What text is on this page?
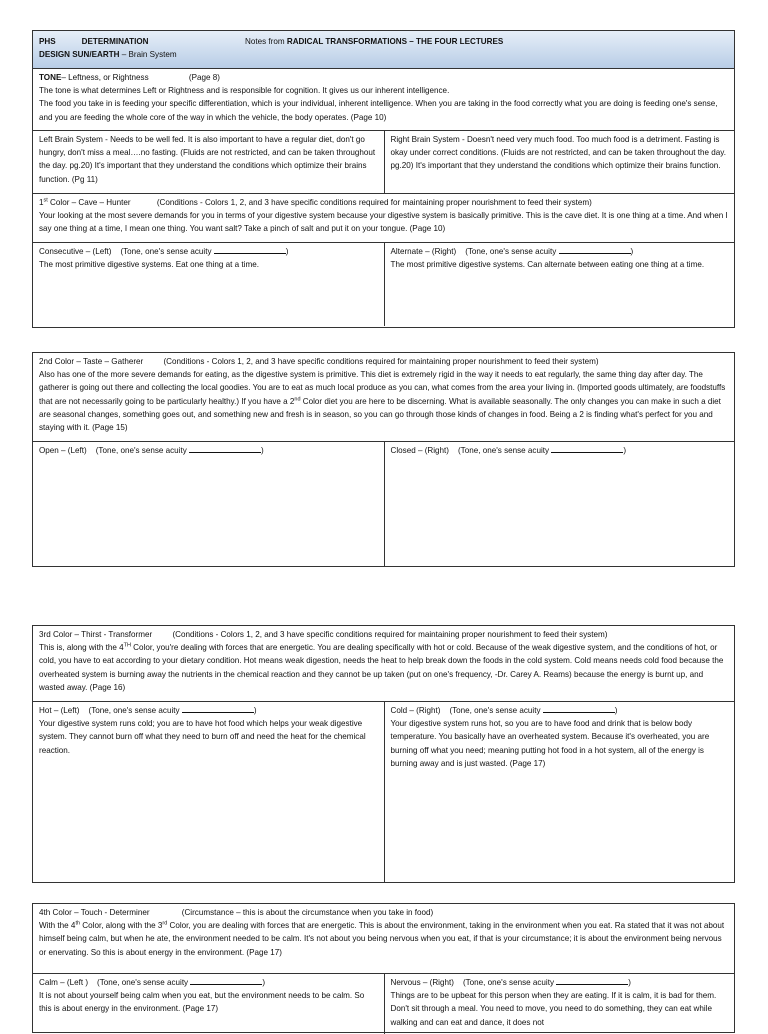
PHS	DETERMINATION
DESIGN SUN/EARTH – Brain System
Notes from RADICAL TRANSFORMATIONS – THE FOUR LECTURES

TONE– Leftness, or Rightness	(Page 8)

The tone is what determines Left or Rightness and is responsible for cognition. It gives us our inherent intelligence.

The food you take in is feeding your specific differentiation, which is your individual, inherent intelligence. When you are taking in the food correctly what you are doing is feeding one's sense, and you are feeding the whole core of the way in which the vehicle, the body operates. (Page 10)

Left Brain System - Needs to be well fed. It is also important to have a regular diet, don't go hungry, don't miss a meal….no fasting. (Fluids are not restricted, and can be taken throughout the day. pg.20) It's important that they understand the conditions which optimize their brains function. (Pg 11)
Right Brain System - Doesn't need very much food. Too much food is a detriment. Fasting is okay under correct conditions. (Fluids are not restricted, and can be taken throughout the day. pg.20) It's important that they understand the conditions which optimize their brains function.

1st Color – Cave – Hunter	(Conditions - Colors 1, 2, and 3 have specific conditions required for maintaining proper nourishment to feed their system)

Your looking at the most severe demands for you in terms of your digestive system because your digestive system is basically primitive. This is the cave diet. It is one thing at a time. And when I say one thing at a time, I mean one thing. You want salt? Take a pinch of salt and put it on your tongue. (Page 10)

Consecutive – (Left) (Tone, one's sense acuity	)

The most primitive digestive systems. Eat one thing at a time.

Alternate – (Right) (Tone, one's sense acuity	)

The most primitive digestive systems. Can alternate between eating one thing at a time.

2nd Color – Taste – Gatherer	(Conditions - Colors 1, 2, and 3 have specific conditions required for maintaining proper nourishment to feed their system)

Also has one of the more severe demands for eating, as the digestive system is primitive. This diet is extremely rigid in the way it needs to eat regularly, the same thing day after day. The gatherer is going out there and collecting the local goodies. You are to eat as much local produce as you can, what comes from the area your living in. (Imported goods ultimately, are foodstuffs that are not necessarily going to be particularly healthy.) If you have a 2nd Color diet you are here to be discerning. What is available seasonally. The only changes you can make in such a diet are seasonal changes, something goes out, and something new and fresh is in season, so you can go through those kinds of changes in food. Being a 2 is finding what's perfect for you and staying with it. (Page 15)

Open – (Left) (Tone, one's sense acuity	)	Closed – (Right) (Tone, one's sense acuity	)

3rd Color – Thirst - Transformer	(Conditions - Colors 1, 2, and 3 have specific conditions required for maintaining proper nourishment to feed their system)

This is, along with the 4TH Color, you're dealing with forces that are energetic. You are dealing specifically with hot or cold. Because of the weak digestive system, and the conditions of hot, or cold, you have to eat according to your dietary condition. Hot means weak digestion, needs the heat to help break down the foods in the cold system. Cold means needs cold food because the overheated system is burning away the nutrients in the chemical reaction and they cannot be up taken (put on one's frequency, -Dr. Carey A. Reams) because the energy is burnt up, and wasted away. (Page 16)

Hot – (Left) (Tone, one's sense acuity	)

Your digestive system runs cold; you are to have hot food which helps your weak digestive system. They cannot burn off what they need to burn off and need the heat for the chemical reaction.

Cold – (Right) (Tone, one's sense acuity	)

Your digestive system runs hot, so you are to have food and drink that is below body temperature. You basically have an overheated system. Because it's overheated, you are burning off what you need; meaning putting hot food in a hot system, all of the energy is burning away and is just wasted. (Page 17)

4th Color – Touch - Determiner	(Circumstance – this is about the circumstance when you take in food)

With the 4th Color, along with the 3rd Color, you are dealing with forces that are energetic. This is about the environment, taking in the environment when you eat. Ra stated that it was not about himself being calm, but when he ate, the environment needed to be calm. It's not about you being nervous when you eat, if that is your circumstance; it is about the environment being nervous or enervating. So this is about energy in the environment. (Page 17)

Calm – (Left ) (Tone, one's sense acuity	)

It is not about yourself being calm when you eat, but the environment needs to be calm. So this is about energy in the environment. (Page 17)

Nervous – (Right) (Tone, one's sense acuity	)

Things are to be upbeat for this person when they are eating. If it is calm, it is bad for them. Don't sit through a meal. You need to move, you need to do something, they can eat while walking and can eat and dance, it does not
